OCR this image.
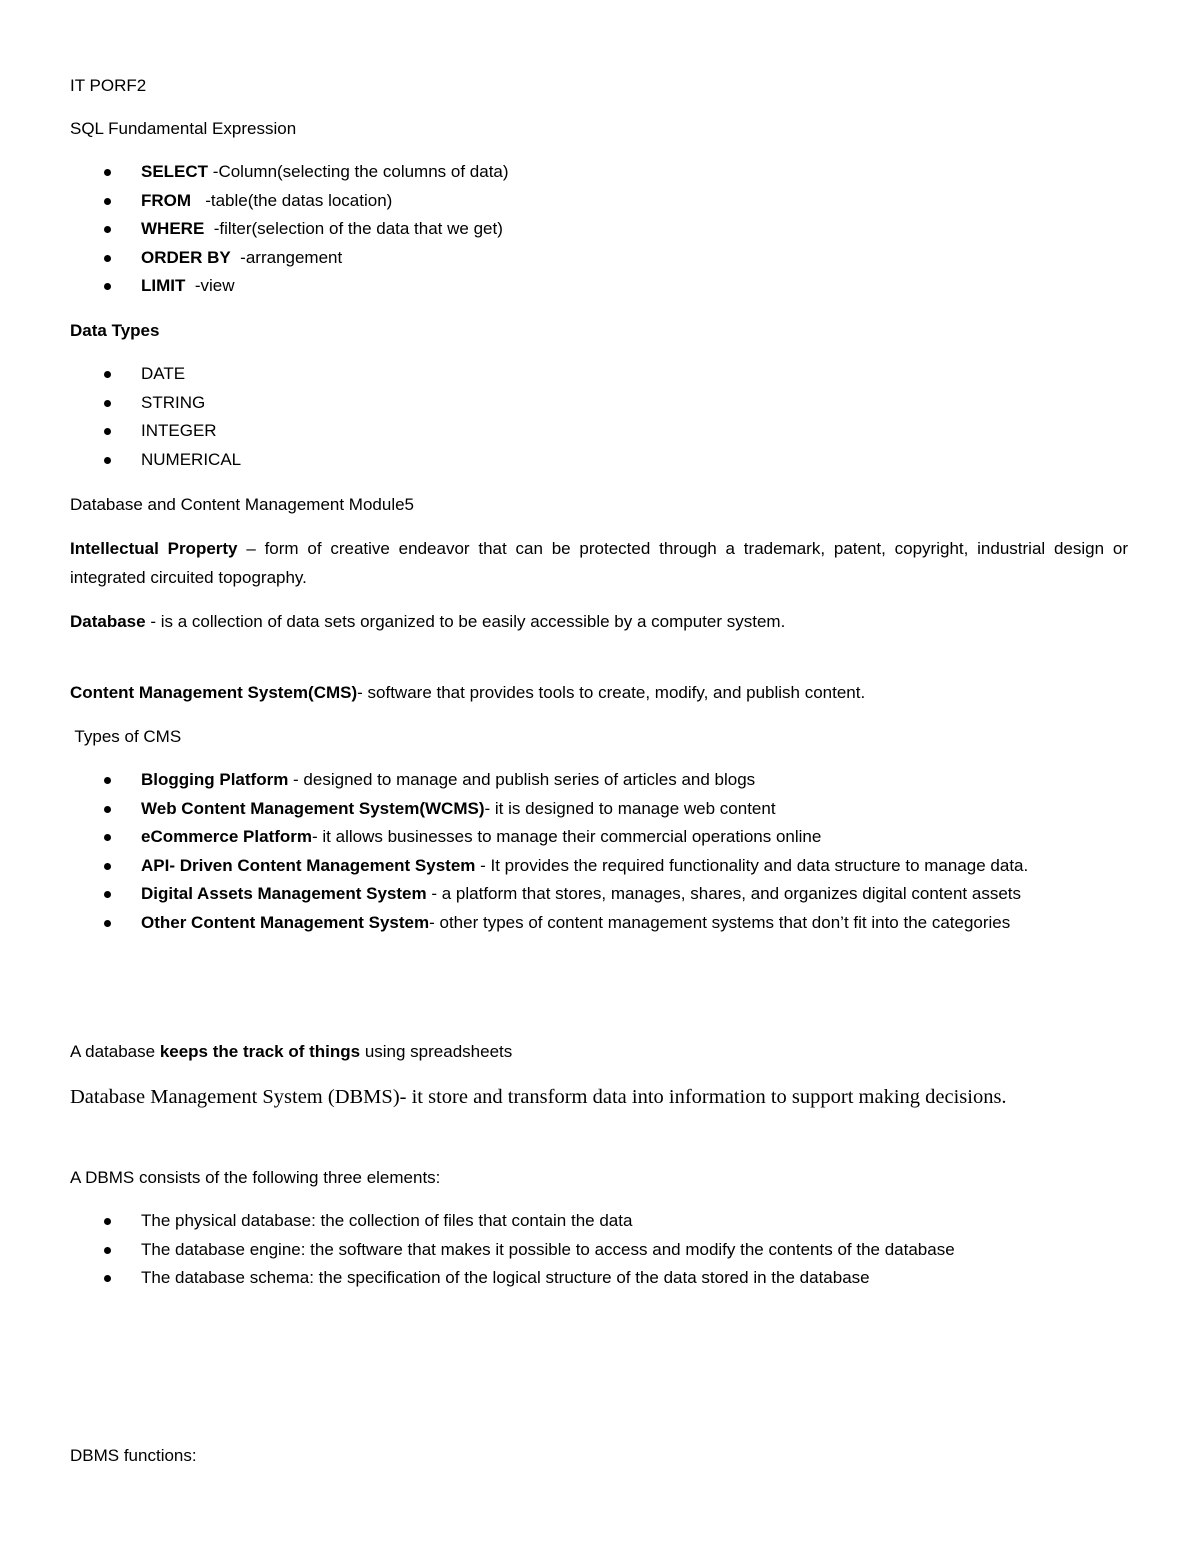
IT PORF2
SQL Fundamental Expression
SELECT -Column(selecting the columns of data)
FROM   -table(the datas location)
WHERE  -filter(selection of the data that we get)
ORDER BY  -arrangement
LIMIT  -view
Data Types
DATE
STRING
INTEGER
NUMERICAL
Database and Content Management Module5
Intellectual Property – form of creative endeavor that can be protected through a trademark, patent, copyright, industrial design or integrated circuited topography.
Database - is a collection of data sets organized to be easily accessible by a computer system.
Content Management System(CMS)- software that provides tools to create, modify, and publish content.
Types of CMS
Blogging Platform - designed to manage and publish series of articles and blogs
Web Content Management System(WCMS)- it is designed to manage web content
eCommerce Platform- it allows businesses to manage their commercial operations online
API- Driven Content Management System - It provides the required functionality and data structure to manage data.
Digital Assets Management System - a platform that stores, manages, shares, and organizes digital content assets
Other Content Management System- other types of content management systems that don’t fit into the categories
A database keeps the track of things using spreadsheets
Database Management System (DBMS)- it store and transform data into information to support making decisions.
A DBMS consists of the following three elements:
The physical database: the collection of files that contain the data
The database engine: the software that makes it possible to access and modify the contents of the database
The database schema: the specification of the logical structure of the data stored in the database
DBMS functions:
